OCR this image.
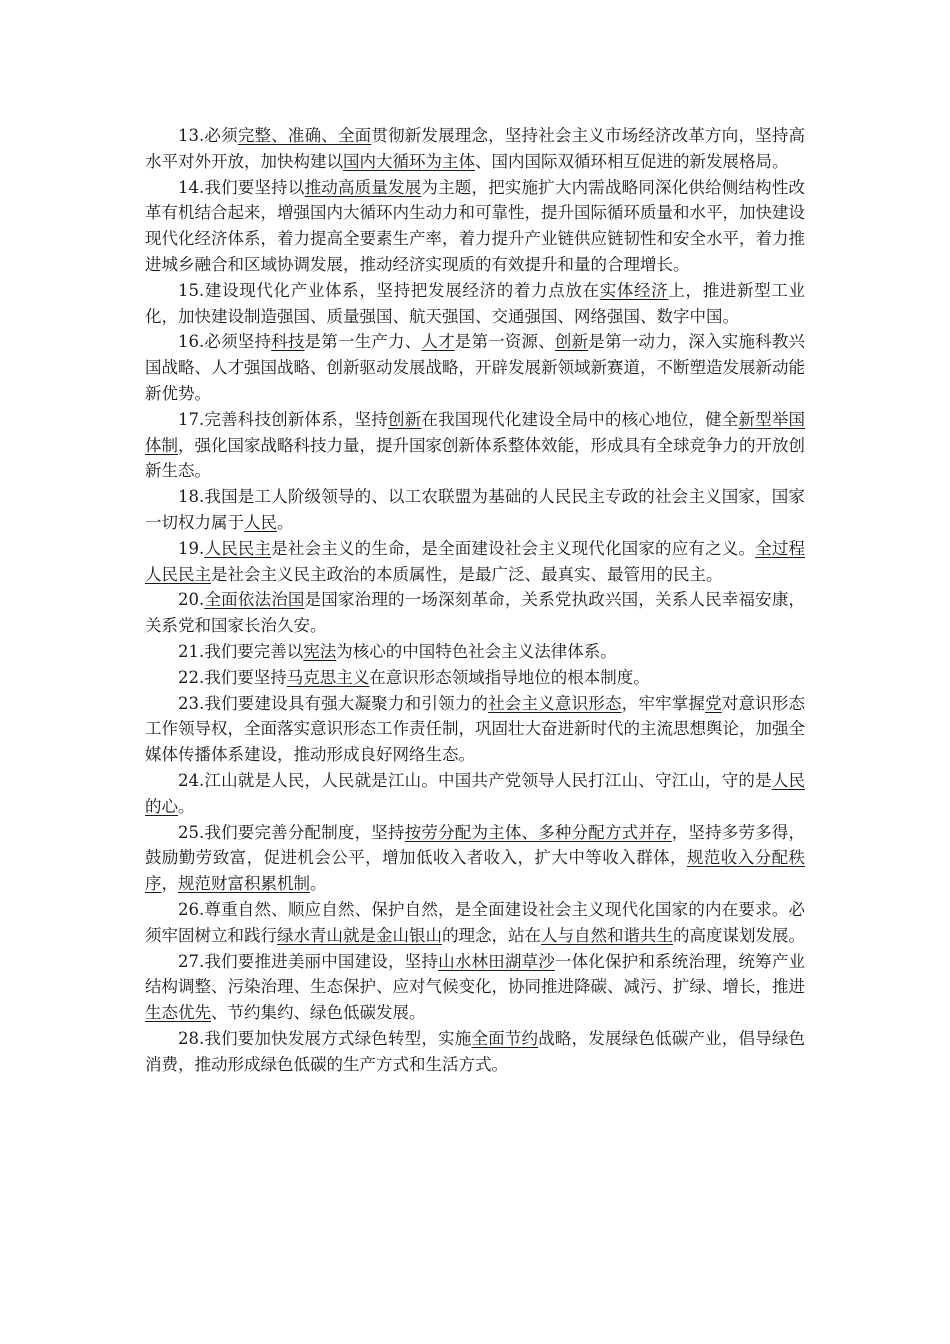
13.必须完整、准确、全面贯彻新发展理念，坚持社会主义市场经济改革方向，坚持高水平对外开放，加快构建以国内大循环为主体、国内国际双循环相互促进的新发展格局。

14.我们要坚持以推动高质量发展为主题，把实施扩大内需战略同深化供给侧结构性改革有机结合起来，增强国内大循环内生动力和可靠性，提升国际循环质量和水平，加快建设现代化经济体系，着力提高全要素生产率，着力提升产业链供应链韧性和安全水平，着力推进城乡融合和区域协调发展，推动经济实现质的有效提升和量的合理增长。

15.建设现代化产业体系，坚持把发展经济的着力点放在实体经济上，推进新型工业化，加快建设制造强国、质量强国、航天强国、交通强国、网络强国、数字中国。

16.必须坚持科技是第一生产力、人才是第一资源、创新是第一动力，深入实施科教兴国战略、人才强国战略、创新驱动发展战略，开辟发展新领域新赛道，不断塑造发展新动能新优势。

17.完善科技创新体系，坚持创新在我国现代化建设全局中的核心地位，健全新型举国体制，强化国家战略科技力量，提升国家创新体系整体效能，形成具有全球竞争力的开放创新生态。

18.我国是工人阶级领导的、以工农联盟为基础的人民民主专政的社会主义国家，国家一切权力属于人民。

19.人民民主是社会主义的生命，是全面建设社会主义现代化国家的应有之义。全过程人民民主是社会主义民主政治的本质属性，是最广泛、最真实、最管用的民主。

20.全面依法治国是国家治理的一场深刻革命，关系党执政兴国，关系人民幸福安康，关系党和国家长治久安。

21.我们要完善以宪法为核心的中国特色社会主义法律体系。

22.我们要坚持马克思主义在意识形态领域指导地位的根本制度。

23.我们要建设具有强大凝聚力和引领力的社会主义意识形态，牢牢掌握党对意识形态工作领导权，全面落实意识形态工作责任制，巩固壮大奋进新时代的主流思想舆论，加强全媒体传播体系建设，推动形成良好网络生态。

24.江山就是人民，人民就是江山。中国共产党领导人民打江山、守江山，守的是人民的心。

25.我们要完善分配制度，坚持按劳分配为主体、多种分配方式并存，坚持多劳多得，鼓励勤劳致富，促进机会公平，增加低收入者收入，扩大中等收入群体，规范收入分配秩序，规范财富积累机制。

26.尊重自然、顺应自然、保护自然，是全面建设社会主义现代化国家的内在要求。必须牢固树立和践行绿水青山就是金山银山的理念，站在人与自然和谐共生的高度谋划发展。

27.我们要推进美丽中国建设，坚持山水林田湖草沙一体化保护和系统治理，统筹产业结构调整、污染治理、生态保护、应对气候变化，协同推进降碳、减污、扩绿、增长，推进生态优先、节约集约、绿色低碳发展。

28.我们要加快发展方式绿色转型，实施全面节约战略，发展绿色低碳产业，倡导绿色消费，推动形成绿色低碳的生产方式和生活方式。
